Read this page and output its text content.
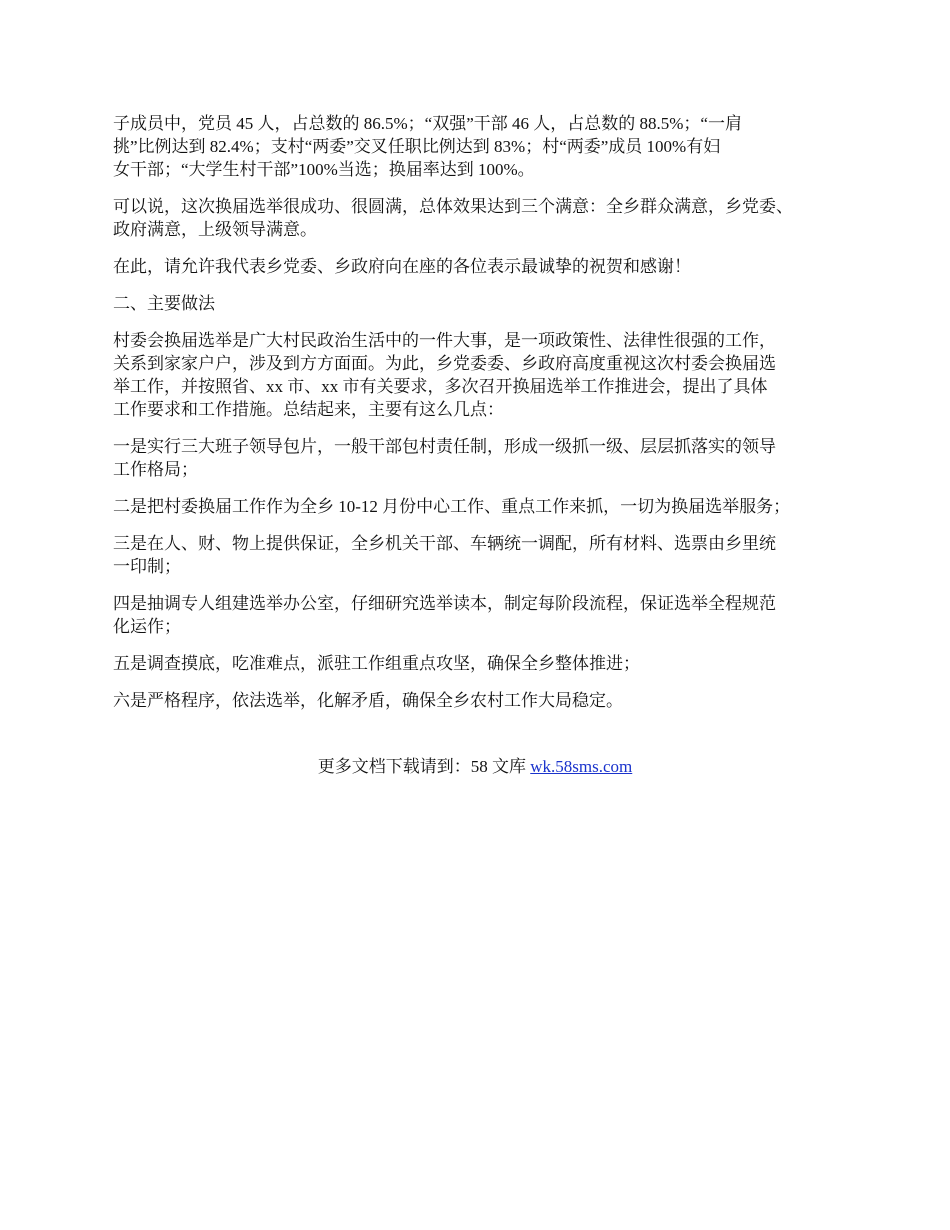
子成员中，党员 45 人，占总数的 86.5%；“双强”干部 46 人，占总数的 88.5%；“一肩
挑”比例达到 82.4%；支村“两委”交叉任职比例达到 83%；村“两委”成员 100%有妇
女干部；“大学生村干部”100%当选；换届率达到 100%。
可以说，这次换届选举很成功、很圆满，总体效果达到三个满意：全乡群众满意，乡党委、
政府满意，上级领导满意。
在此，请允许我代表乡党委、乡政府向在座的各位表示最诚挚的祝贺和感谢！
二、主要做法
村委会换届选举是广大村民政治生活中的一件大事，是一项政策性、法律性很强的工作，
关系到家家户户，涉及到方方面面。为此，乡党委委、乡政府高度重视这次村委会换届选
举工作，并按照省、xx 市、xx 市有关要求，多次召开换届选举工作推进会，提出了具体
工作要求和工作措施。总结起来，主要有这么几点：
一是实行三大班子领导包片，一般干部包村责任制，形成一级抓一级、层层抓落实的领导
工作格局；
二是把村委换届工作作为全乡 10-12 月份中心工作、重点工作来抓，一切为换届选举服务；
三是在人、财、物上提供保证，全乡机关干部、车辆统一调配，所有材料、选票由乡里统
一印制；
四是抽调专人组建选举办公室，仔细研究选举读本，制定每阶段流程，保证选举全程规范
化运作；
五是调查摸底，吃准难点，派驻工作组重点攻坚，确保全乡整体推进；
六是严格程序，依法选举，化解矛盾，确保全乡农村工作大局稳定。
更多文档下载请到：58 文库 wk.58sms.com
